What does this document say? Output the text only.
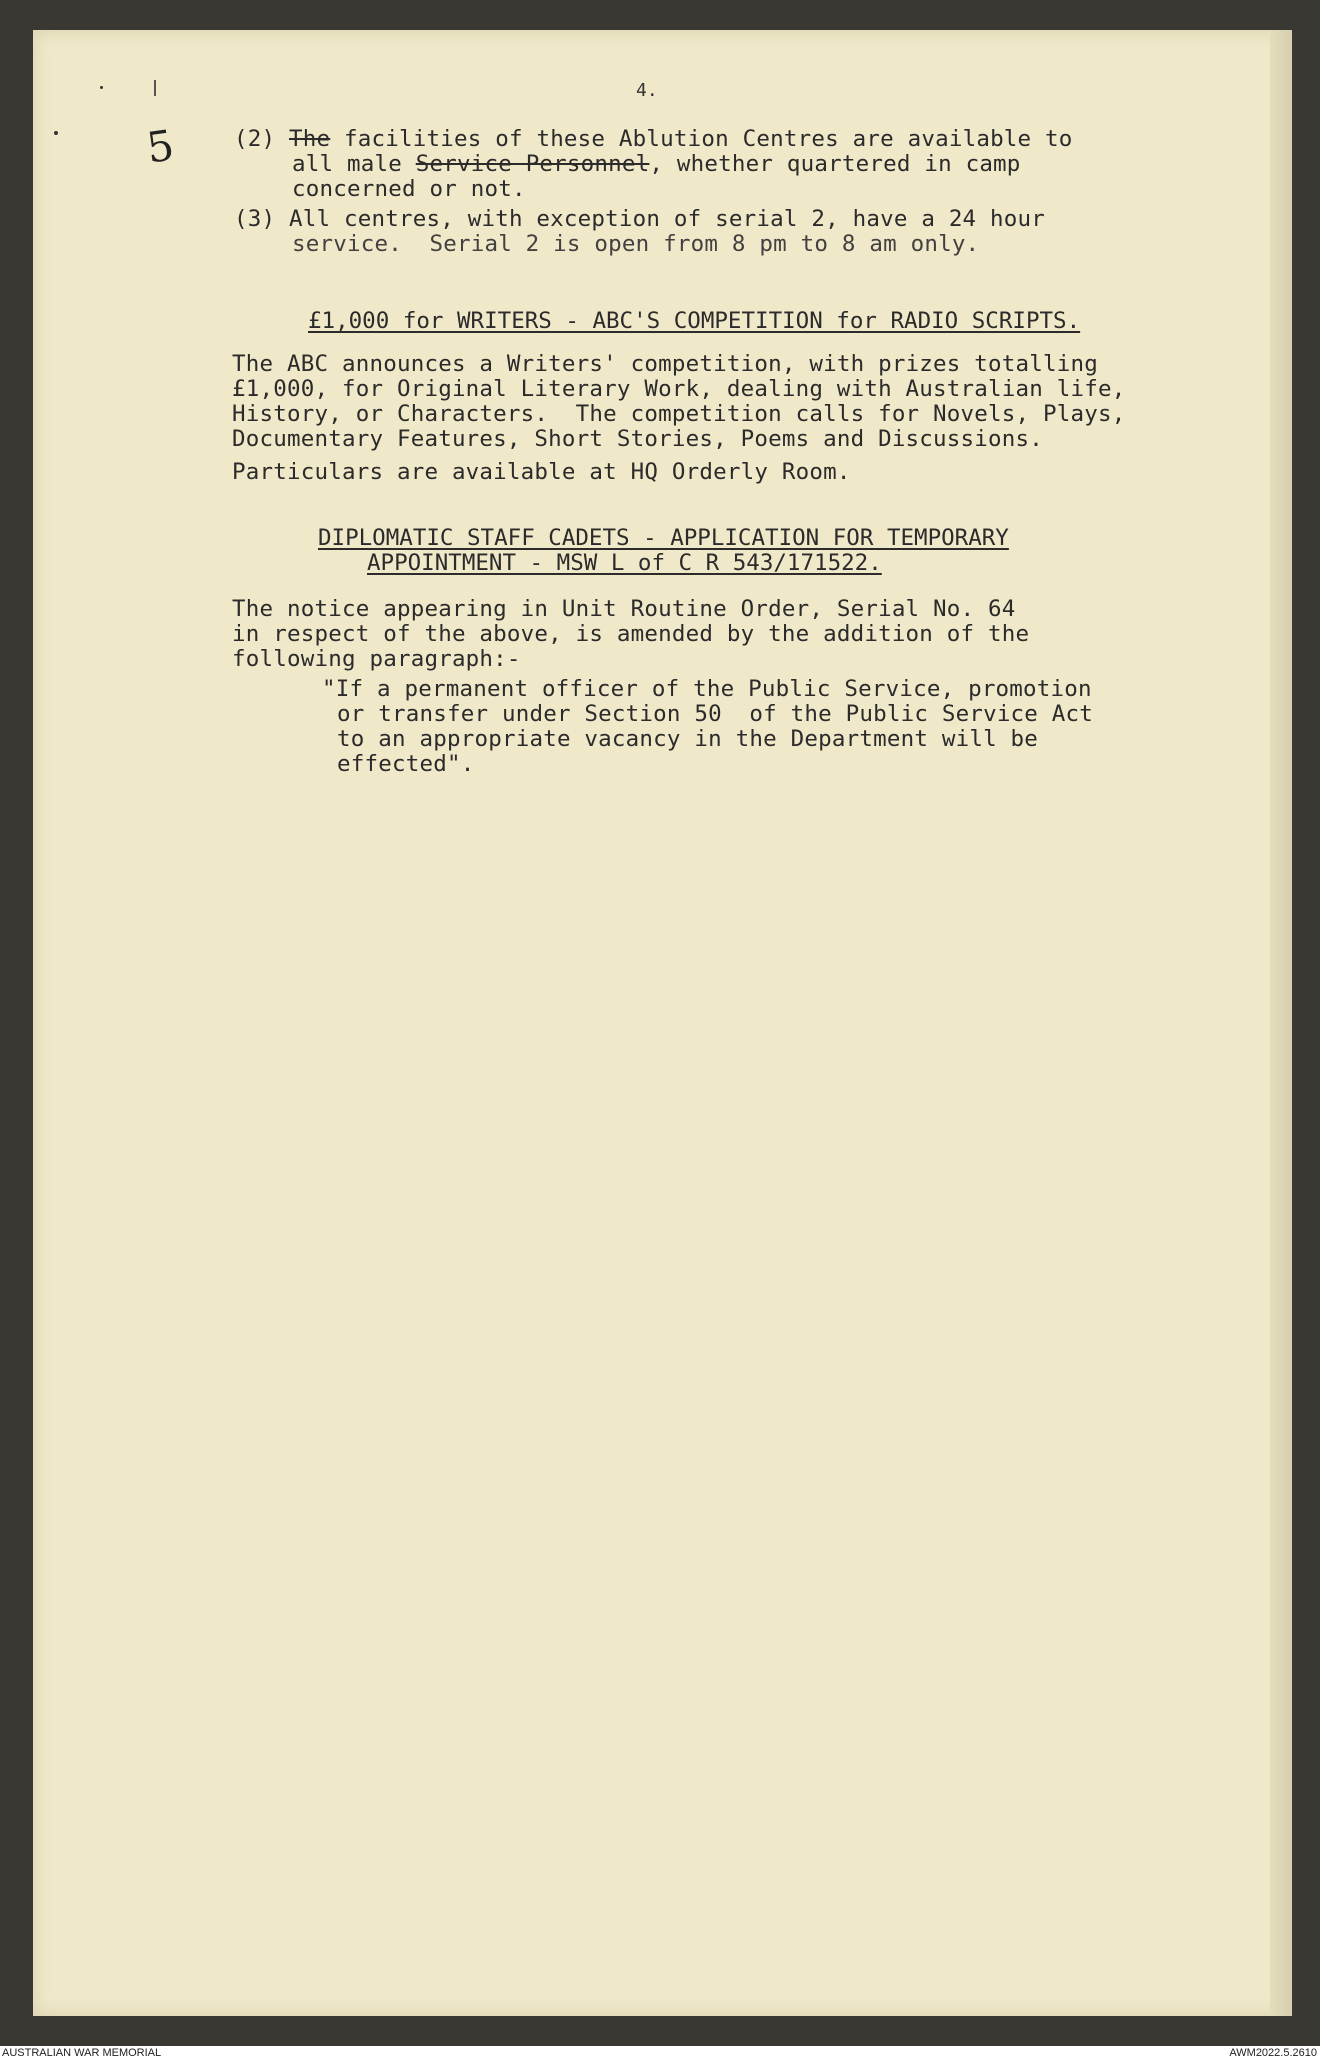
4.
5	(2) The facilities of these Ablution Centres are available to
all male Service Personnel, whether quartered in camp
concerned or not.
(3) All centres, with exception of serial 2, have a 24 hour
service.  Serial 2 is open from 8 pm to 8 am only.
£1,000 for WRITERS - ABC'S COMPETITION for RADIO SCRIPTS.
The ABC announces a Writers' competition, with prizes totalling
£1,000, for Original Literary Work, dealing with Australian life,
History, or Characters.  The competition calls for Novels, Plays,
Documentary Features, Short Stories, Poems and Discussions.
Particulars are available at HQ Orderly Room.
DIPLOMATIC STAFF CADETS - APPLICATION FOR TEMPORARY
APPOINTMENT - MSW L of C R 543/171522.
The notice appearing in Unit Routine Order, Serial No. 64
in respect of the above, is amended by the addition of the
following paragraph:-
"If a permanent officer of the Public Service, promotion
or transfer under Section 50  of the Public Service Act
to an appropriate vacancy in the Department will be
effected".
AUSTRALIAN WAR MEMORIAL	AWM2022.5.2610
